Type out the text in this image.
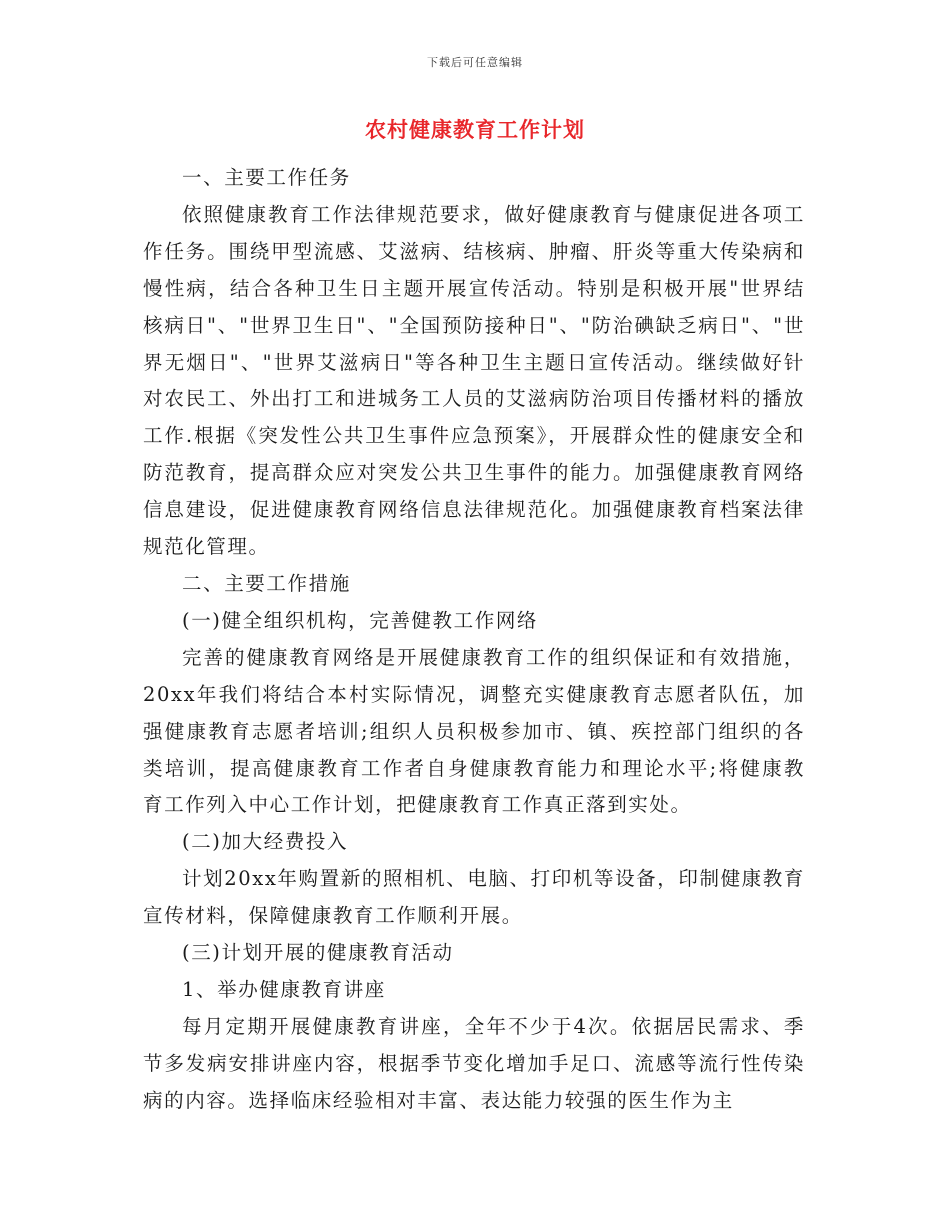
下载后可任意编辑
农村健康教育工作计划

一、主要工作任务

依照健康教育工作法律规范要求，做好健康教育与健康促进各项工作任务。围绕甲型流感、艾滋病、结核病、肿瘤、肝炎等重大传染病和慢性病，结合各种卫生日主题开展宣传活动。特别是积极开展"世界结核病日"、"世界卫生日"、"全国预防接种日"、"防治碘缺乏病日"、"世界无烟日"、"世界艾滋病日"等各种卫生主题日宣传活动。继续做好针对农民工、外出打工和进城务工人员的艾滋病防治项目传播材料的播放工作.根据《突发性公共卫生事件应急预案》，开展群众性的健康安全和防范教育，提高群众应对突发公共卫生事件的能力。加强健康教育网络信息建设，促进健康教育网络信息法律规范化。加强健康教育档案法律规范化管理。

二、主要工作措施

(一)健全组织机构，完善健教工作网络

完善的健康教育网络是开展健康教育工作的组织保证和有效措施，20xx年我们将结合本村实际情况，调整充实健康教育志愿者队伍，加强健康教育志愿者培训;组织人员积极参加市、镇、疾控部门组织的各类培训，提高健康教育工作者自身健康教育能力和理论水平;将健康教育工作列入中心工作计划，把健康教育工作真正落到实处。

(二)加大经费投入

计划20xx年购置新的照相机、电脑、打印机等设备，印制健康教育宣传材料，保障健康教育工作顺利开展。

(三)计划开展的健康教育活动

1、举办健康教育讲座

每月定期开展健康教育讲座，全年不少于4次。依据居民需求、季节多发病安排讲座内容，根据季节变化增加手足口、流感等流行性传染病的内容。选择临床经验相对丰富、表达能力较强的医生作为主
